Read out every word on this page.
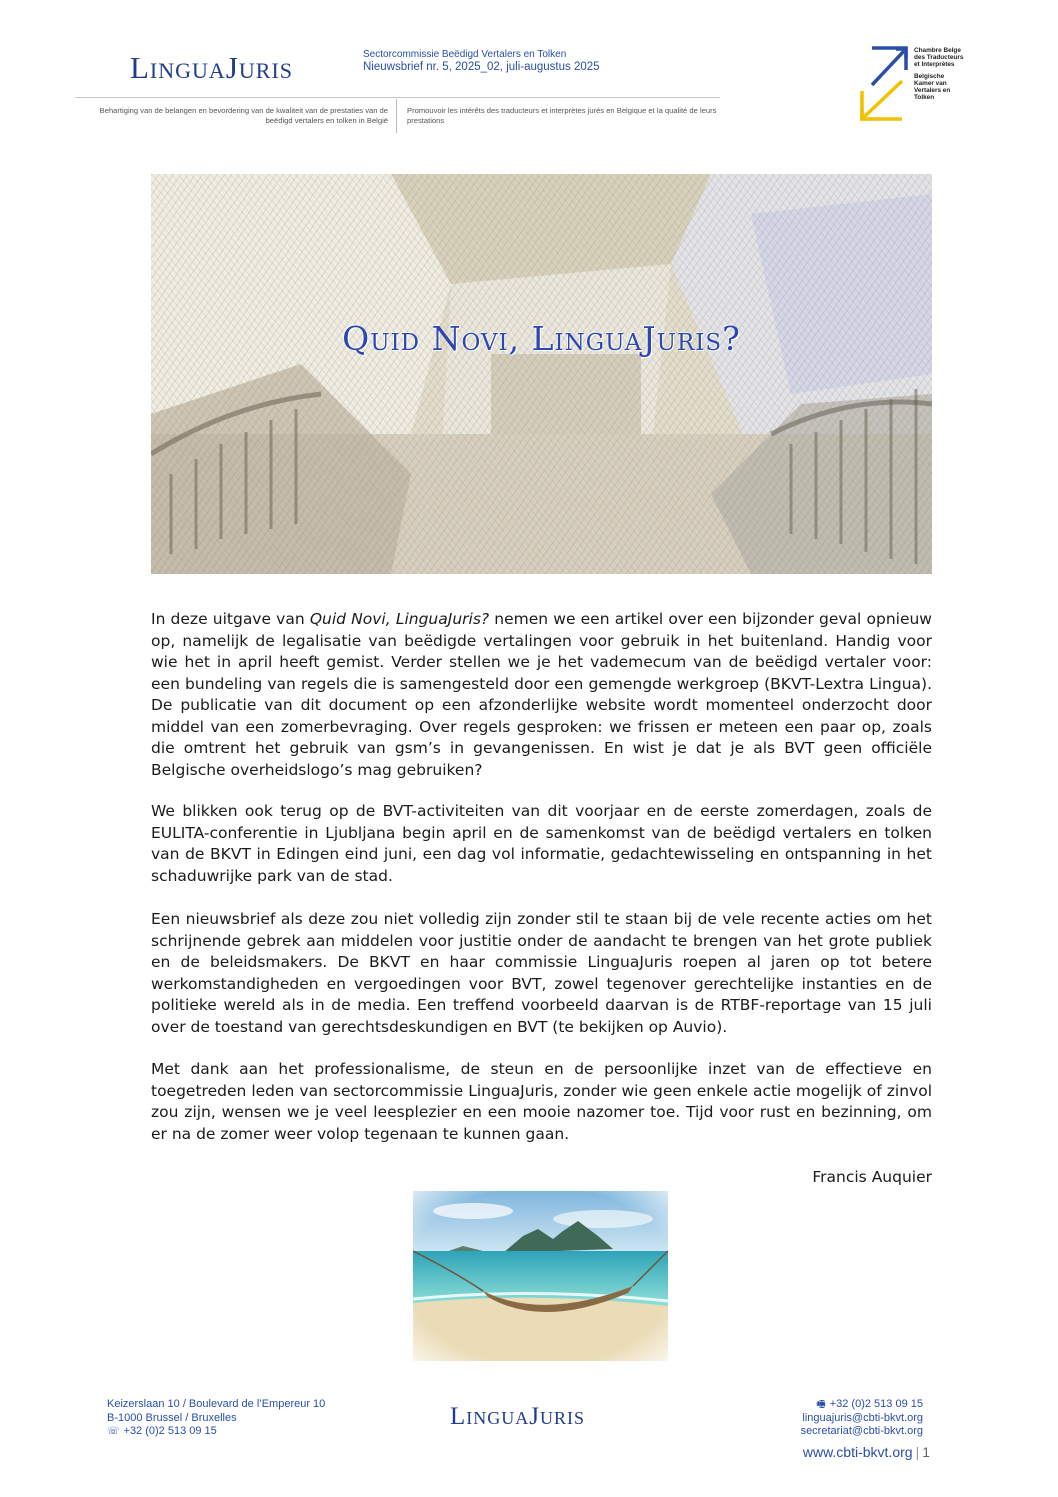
LinguaJuris	Sectorcommissie Beëdigd Vertalers en Tolken
Nieuwsbrief nr. 5, 2025_02, juli-augustus 2025
Behartiging van de belangen en bevordering van de kwaliteit van de prestaties van de beëdigd vertalers en tolken in België
Promouvoir les intérêts des traducteurs et interprètes jurés en Belgique et la qualité de leurs prestations
Chambre Belge des Traducteurs et Interprètes
Belgische Kamer van Vertalers en Tolken
Quid Novi, LinguaJuris?
In deze uitgave van Quid Novi, LinguaJuris? nemen we een artikel over een bijzonder geval opnieuw op, namelijk de legalisatie van beëdigde vertalingen voor gebruik in het buitenland. Handig voor wie het in april heeft gemist. Verder stellen we je het vademecum van de beëdigd vertaler voor: een bundeling van regels die is samengesteld door een gemengde werkgroep (BKVT-Lextra Lingua). De publicatie van dit document op een afzonderlijke website wordt momenteel onderzocht door middel van een zomerbevraging. Over regels gesproken: we frissen er meteen een paar op, zoals die omtrent het gebruik van gsm’s in gevangenissen. En wist je dat je als BVT geen officiële Belgische overheidslogo’s mag gebruiken?
We blikken ook terug op de BVT-activiteiten van dit voorjaar en de eerste zomerdagen, zoals de EULITA-conferentie in Ljubljana begin april en de samenkomst van de beëdigd vertalers en tolken van de BKVT in Edingen eind juni, een dag vol informatie, gedachtewisseling en ontspanning in het schaduwrijke park van de stad.
Een nieuwsbrief als deze zou niet volledig zijn zonder stil te staan bij de vele recente acties om het schrijnende gebrek aan middelen voor justitie onder de aandacht te brengen van het grote publiek en de beleidsmakers. De BKVT en haar commissie LinguaJuris roepen al jaren op tot betere werkomstandigheden en vergoedingen voor BVT, zowel tegenover gerechtelijke instanties en de politieke wereld als in de media. Een treffend voorbeeld daarvan is de RTBF-reportage van 15 juli over de toestand van gerechtsdeskundigen en BVT (te bekijken op Auvio).
Met dank aan het professionalisme, de steun en de persoonlijke inzet van de effectieve en toegetreden leden van sectorcommissie LinguaJuris, zonder wie geen enkele actie mogelijk of zinvol zou zijn, wensen we je veel leesplezier en een mooie nazomer toe. Tijd voor rust en bezinning, om er na de zomer weer volop tegenaan te kunnen gaan.
Francis Auquier
Keizerslaan 10 / Boulevard de l’Empereur 10
B-1000 Brussel / Bruxelles
☏ +32 (0)2 513 09 15
LinguaJuris	🖷 +32 (0)2 513 09 15
linguajuris@cbti-bkvt.org
secretariat@cbti-bkvt.org
www.cbti-bkvt.org | 1
